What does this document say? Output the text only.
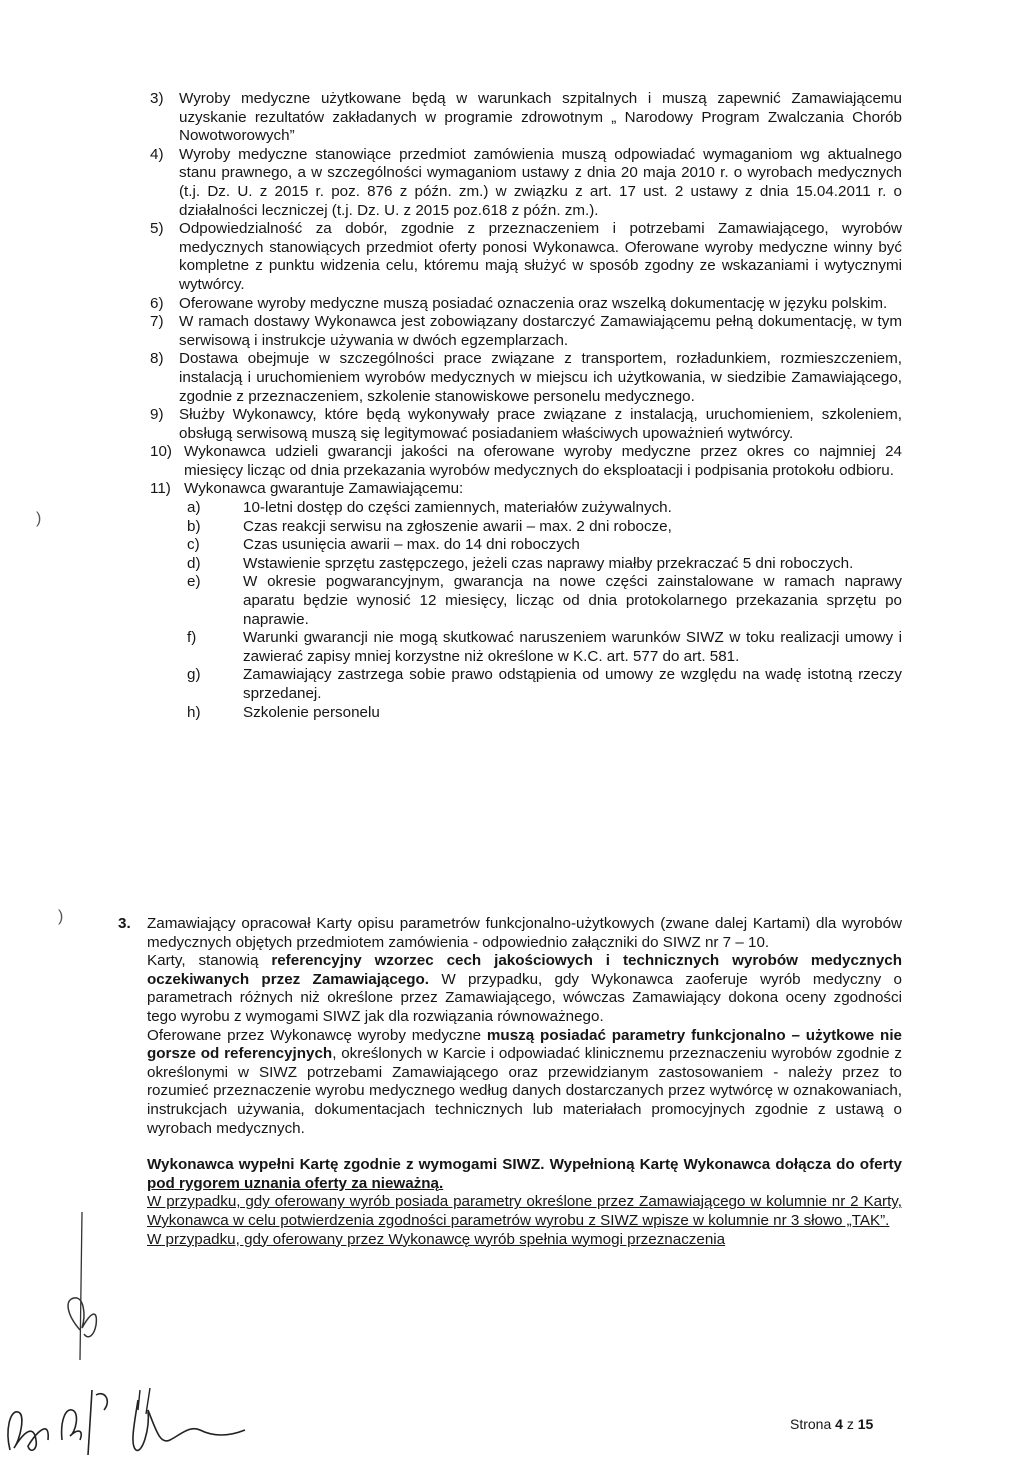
3)	Wyroby medyczne użytkowane będą w warunkach szpitalnych i muszą zapewnić Zamawiającemu uzyskanie rezultatów zakładanych w programie zdrowotnym „ Narodowy Program Zwalczania Chorób Nowotworowych”
4)	Wyroby medyczne stanowiące przedmiot zamówienia muszą odpowiadać wymaganiom wg aktualnego stanu prawnego, a w szczególności wymaganiom ustawy z dnia 20 maja 2010 r. o wyrobach medycznych (t.j. Dz. U. z 2015 r. poz. 876 z późn. zm.) w związku z art. 17 ust. 2 ustawy z dnia 15.04.2011 r. o działalności leczniczej (t.j. Dz. U. z 2015 poz.618 z późn. zm.).
5)	Odpowiedzialność za dobór, zgodnie z przeznaczeniem i potrzebami Zamawiającego, wyrobów medycznych stanowiących przedmiot oferty ponosi Wykonawca. Oferowane wyroby medyczne winny być kompletne z punktu widzenia celu, któremu mają służyć w sposób zgodny ze wskazaniami i wytycznymi wytwórcy.
6)	Oferowane wyroby medyczne muszą posiadać oznaczenia oraz wszelką dokumentację w języku polskim.
7)	W ramach dostawy Wykonawca jest zobowiązany dostarczyć Zamawiającemu pełną dokumentację, w tym serwisową i instrukcje używania w dwóch egzemplarzach.
8)	Dostawa obejmuje w szczególności prace związane z transportem, rozładunkiem, rozmieszczeniem, instalacją i uruchomieniem wyrobów medycznych w miejscu ich użytkowania, w siedzibie Zamawiającego, zgodnie z przeznaczeniem, szkolenie stanowiskowe personelu medycznego.
9)	Służby Wykonawcy, które będą wykonywały prace związane z instalacją, uruchomieniem, szkoleniem, obsługą serwisową muszą się legitymować posiadaniem właściwych upoważnień wytwórcy.
10) Wykonawca udzieli gwarancji jakości na oferowane wyroby medyczne przez okres co najmniej 24 miesięcy licząc od dnia przekazania wyrobów medycznych do eksploatacji i podpisania protokołu odbioru.
11) Wykonawca gwarantuje Zamawiającemu:
a)	10-letni dostęp do części zamiennych, materiałów zużywalnych.
b)	Czas reakcji serwisu na zgłoszenie awarii – max. 2 dni robocze,
c)	Czas usunięcia awarii – max. do 14 dni roboczych
d)	Wstawienie sprzętu zastępczego, jeżeli czas naprawy miałby przekraczać 5 dni roboczych.
e)	W okresie pogwarancyjnym, gwarancja na nowe części zainstalowane w ramach naprawy aparatu będzie wynosić 12 miesięcy, licząc od dnia protokolarnego przekazania sprzętu po naprawie.
f)	Warunki gwarancji nie mogą skutkować naruszeniem warunków SIWZ w toku realizacji umowy i zawierać zapisy mniej korzystne niż określone w K.C. art. 577 do art. 581.
g)	Zamawiający zastrzega sobie prawo odstąpienia od umowy ze względu na wadę istotną rzeczy sprzedanej.
h)	Szkolenie personelu
3.	Zamawiający opracował Karty opisu parametrów funkcjonalno-użytkowych (zwane dalej Kartami) dla wyrobów medycznych objętych przedmiotem zamówienia - odpowiednio załączniki do SIWZ nr 7 – 10.

Karty, stanowią referencyjny wzorzec cech jakościowych i technicznych wyrobów medycznych oczekiwanych przez Zamawiającego. W przypadku, gdy Wykonawca zaoferuje wyrób medyczny o parametrach różnych niż określone przez Zamawiającego, wówczas Zamawiający dokona oceny zgodności tego wyrobu z wymogami SIWZ jak dla rozwiązania równoważnego.

Oferowane przez Wykonawcę wyroby medyczne muszą posiadać parametry funkcjonalno – użytkowe nie gorsze od referencyjnych, określonych w Karcie i odpowiadać klinicznemu przeznaczeniu wyrobów zgodnie z określonymi w SIWZ potrzebami Zamawiającego oraz przewidzianym zastosowaniem - należy przez to rozumieć przeznaczenie wyrobu medycznego według danych dostarczanych przez wytwórcę w oznakowaniach, instrukcjach używania, dokumentacjach technicznych lub materiałach promocyjnych zgodnie z ustawą o wyrobach medycznych.

Wykonawca wypełni Kartę zgodnie z wymogami SIWZ. Wypełnioną Kartę Wykonawca dołącza do oferty pod rygorem uznania oferty za nieważną.

W przypadku, gdy oferowany wyrób posiada parametry określone przez Zamawiającego w kolumnie nr 2 Karty, Wykonawca w celu potwierdzenia zgodności parametrów wyrobu z SIWZ wpisze w kolumnie nr 3 słowo „TAK”.

W przypadku, gdy oferowany przez Wykonawcę wyrób spełnia wymogi przeznaczenia

Strona 4 z 15
)
)
